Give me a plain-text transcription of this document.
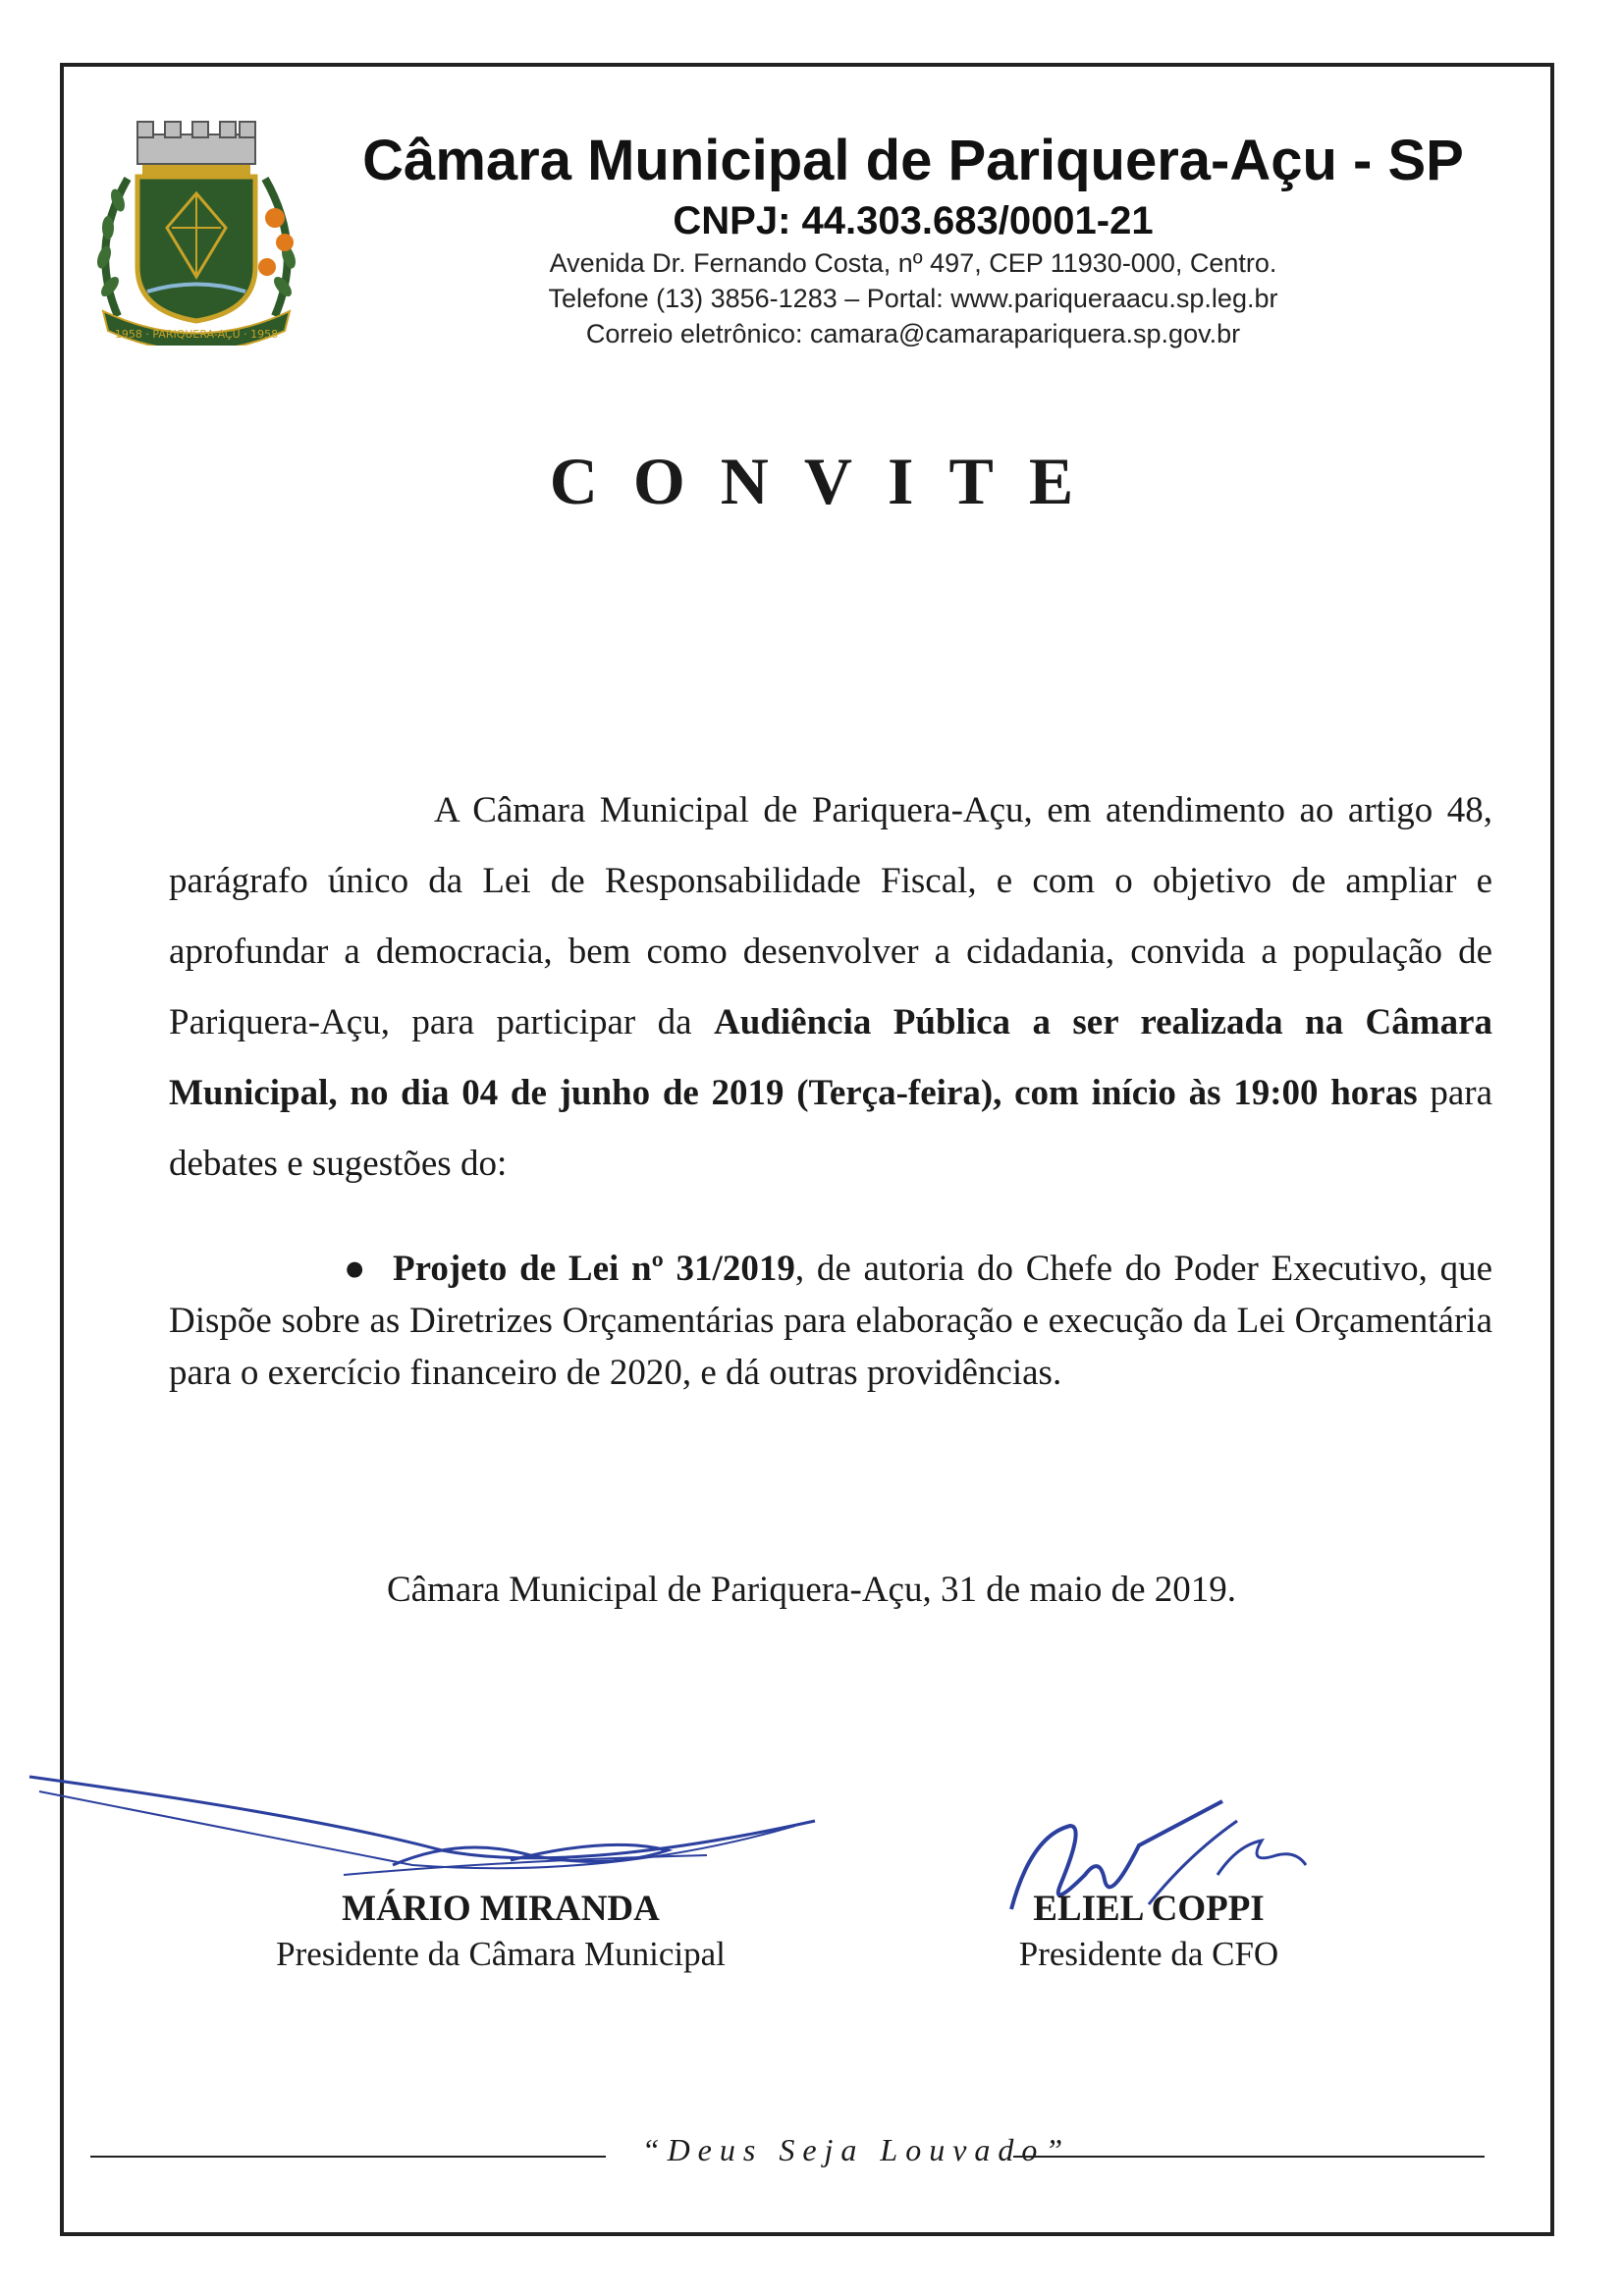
1958 · PARIQUERA-AÇU · 1958
Câmara Municipal de Pariquera-Açu - SP
CNPJ: 44.303.683/0001-21
Avenida Dr. Fernando Costa, nº 497, CEP 11930-000, Centro.
Telefone (13) 3856-1283 – Portal: www.pariqueraacu.sp.leg.br
Correio eletrônico: camara@camarapariquera.sp.gov.br
CONVITE
A Câmara Municipal de Pariquera-Açu, em atendimento ao artigo 48, parágrafo único da Lei de Responsabilidade Fiscal, e com o objetivo de ampliar e aprofundar a democracia, bem como desenvolver a cidadania, convida a população de Pariquera-Açu, para participar da Audiência Pública a ser realizada na Câmara Municipal, no dia 04 de junho de 2019 (Terça-feira), com início às 19:00 horas para debates e sugestões do:
● Projeto de Lei nº 31/2019, de autoria do Chefe do Poder Executivo, que Dispõe sobre as Diretrizes Orçamentárias para elaboração e execução da Lei Orçamentária para o exercício financeiro de 2020, e dá outras providências.
Câmara Municipal de Pariquera-Açu, 31 de maio de 2019.
MÁRIO MIRANDA
Presidente da Câmara Municipal
ELIEL COPPI
Presidente da CFO
“Deus Seja Louvado”
